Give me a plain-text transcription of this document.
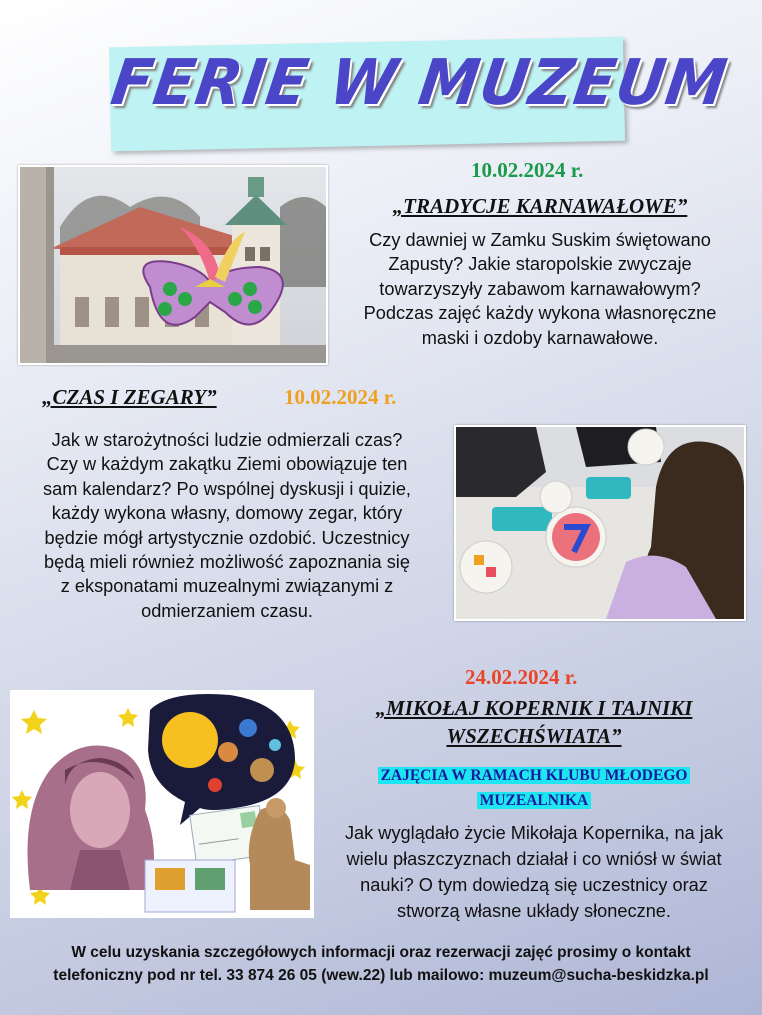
FERIE W MUZEUM
10.02.2024 r.
„TRADYCJE KARNAWAŁOWE”
Czy dawniej w Zamku Suskim świętowano
Zapusty? Jakie staropolskie zwyczaje
towarzyszyły zabawom karnawałowym?
Podczas zajęć każdy wykona własnoręczne
maski i ozdoby karnawałowe.
„CZAS I ZEGARY”	10.02.2024 r.
Jak w starożytności ludzie odmierzali czas?
Czy w każdym zakątku Ziemi obowiązuje ten
sam kalendarz? Po wspólnej dyskusji i quizie,
każdy wykona własny, domowy zegar, który
będzie mógł artystycznie ozdobić. Uczestnicy
będą mieli również możliwość zapoznania się
z eksponatami muzealnymi związanymi z
odmierzaniem czasu.
24.02.2024 r.
„MIKOŁAJ KOPERNIK I TAJNIKI
WSZECHŚWIATA”
ZAJĘCIA W RAMACH KLUBU MŁODEGO
MUZEALNIKA
Jak wyglądało życie Mikołaja Kopernika, na jak
wielu płaszczyznach działał i co wniósł w świat
nauki? O tym dowiedzą się uczestnicy oraz
stworzą własne układy słoneczne.
W celu uzyskania szczegółowych informacji oraz rezerwacji zajęć prosimy o kontakt
telefoniczny pod nr tel. 33 874 26 05 (wew.22) lub mailowo: muzeum@sucha-beskidzka.pl
